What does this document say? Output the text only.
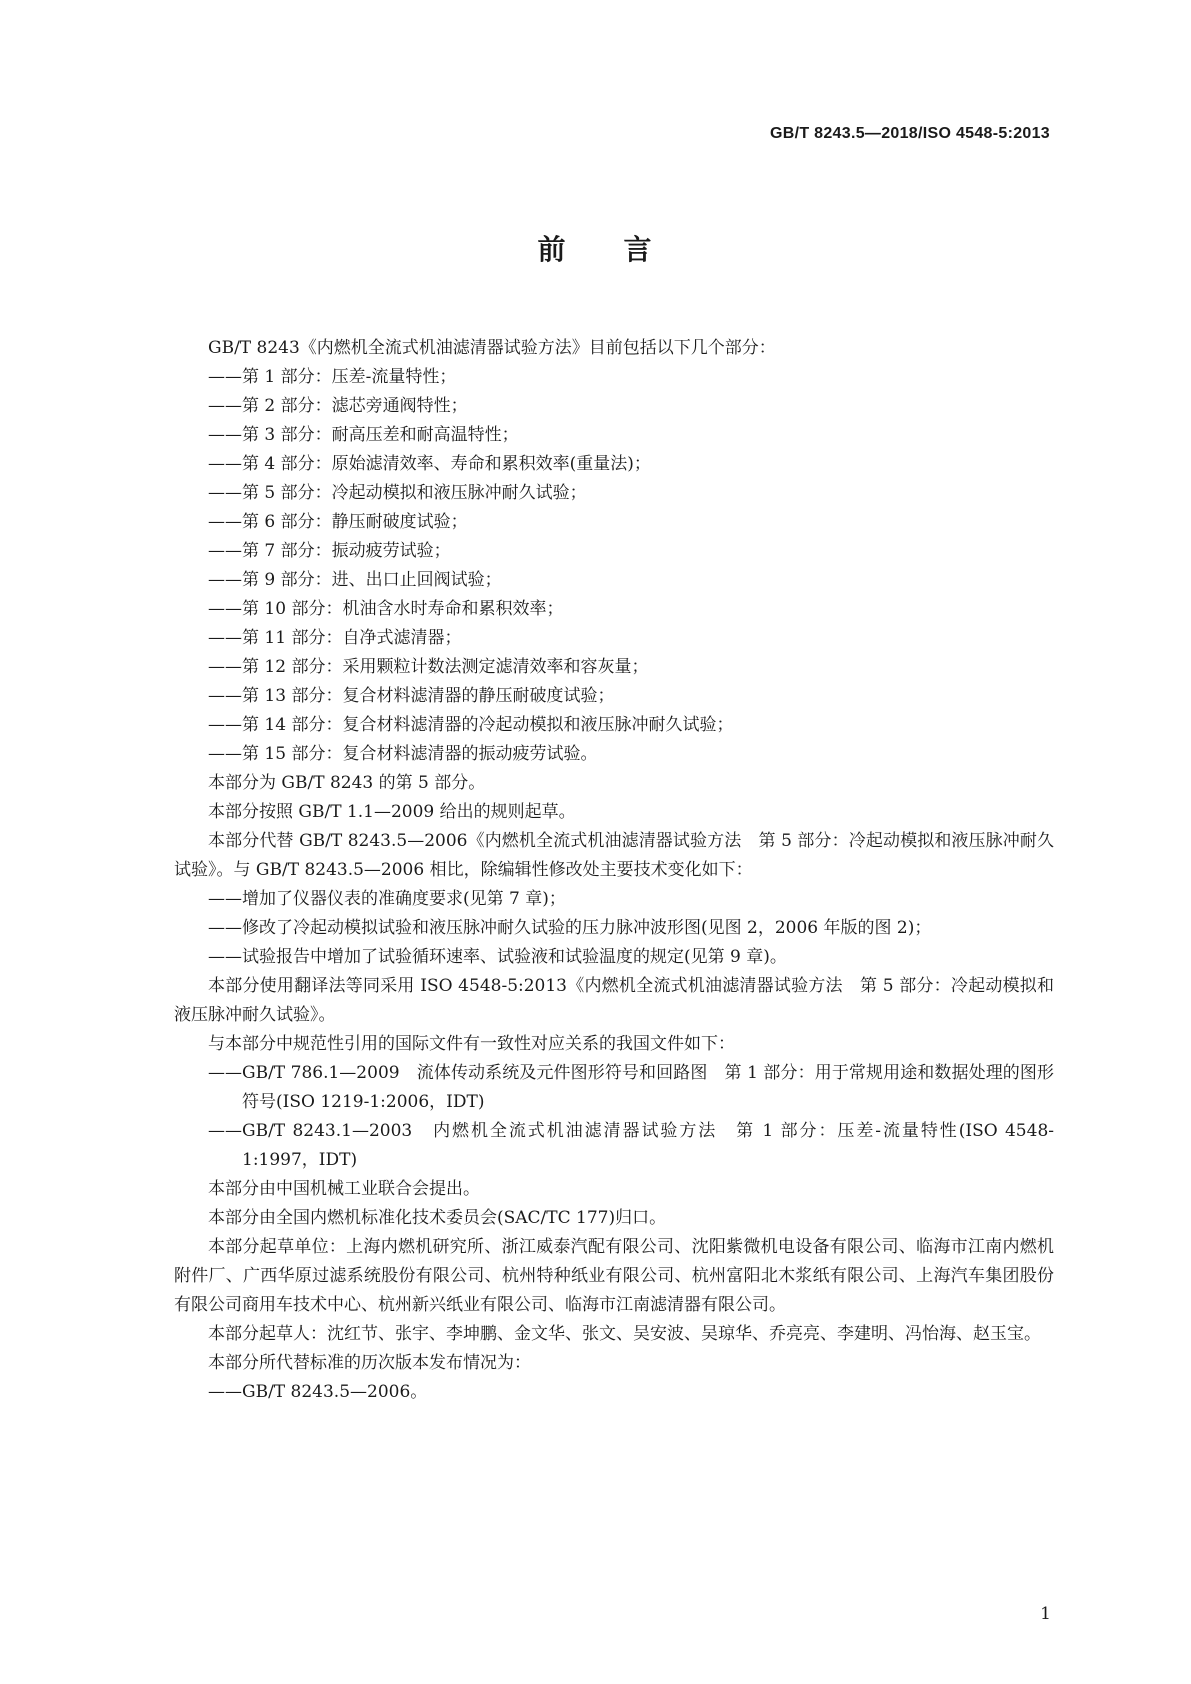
GB/T 8243.5—2018/ISO 4548-5:2013
前 言

GB/T 8243《内燃机全流式机油滤清器试验方法》目前包括以下几个部分：

——第 1 部分：压差-流量特性；

——第 2 部分：滤芯旁通阀特性；

——第 3 部分：耐高压差和耐高温特性；

——第 4 部分：原始滤清效率、寿命和累积效率(重量法)；

——第 5 部分：冷起动模拟和液压脉冲耐久试验；

——第 6 部分：静压耐破度试验；

——第 7 部分：振动疲劳试验；

——第 9 部分：进、出口止回阀试验；

——第 10 部分：机油含水时寿命和累积效率；

——第 11 部分：自净式滤清器；

——第 12 部分：采用颗粒计数法测定滤清效率和容灰量；

——第 13 部分：复合材料滤清器的静压耐破度试验；

——第 14 部分：复合材料滤清器的冷起动模拟和液压脉冲耐久试验；

——第 15 部分：复合材料滤清器的振动疲劳试验。

本部分为 GB/T 8243 的第 5 部分。

本部分按照 GB/T 1.1—2009 给出的规则起草。

本部分代替 GB/T 8243.5—2006《内燃机全流式机油滤清器试验方法　第 5 部分：冷起动模拟和液压脉冲耐久试验》。与 GB/T 8243.5—2006 相比，除编辑性修改处主要技术变化如下：

——增加了仪器仪表的准确度要求(见第 7 章)；

——修改了冷起动模拟试验和液压脉冲耐久试验的压力脉冲波形图(见图 2，2006 年版的图 2)；

——试验报告中增加了试验循环速率、试验液和试验温度的规定(见第 9 章)。

本部分使用翻译法等同采用 ISO 4548-5:2013《内燃机全流式机油滤清器试验方法　第 5 部分：冷起动模拟和液压脉冲耐久试验》。

与本部分中规范性引用的国际文件有一致性对应关系的我国文件如下：

——GB/T 786.1—2009　流体传动系统及元件图形符号和回路图　第 1 部分：用于常规用途和数据处理的图形符号(ISO 1219-1:2006，IDT)

——GB/T 8243.1—2003　内燃机全流式机油滤清器试验方法　第 1 部分：压差-流量特性(ISO 4548-1:1997，IDT)

本部分由中国机械工业联合会提出。

本部分由全国内燃机标准化技术委员会(SAC/TC 177)归口。

本部分起草单位：上海内燃机研究所、浙江威泰汽配有限公司、沈阳紫微机电设备有限公司、临海市江南内燃机附件厂、广西华原过滤系统股份有限公司、杭州特种纸业有限公司、杭州富阳北木浆纸有限公司、上海汽车集团股份有限公司商用车技术中心、杭州新兴纸业有限公司、临海市江南滤清器有限公司。

本部分起草人：沈红节、张宇、李坤鹏、金文华、张文、吴安波、吴琼华、乔亮亮、李建明、冯怡海、赵玉宝。

本部分所代替标准的历次版本发布情况为：

——GB/T 8243.5—2006。

1
